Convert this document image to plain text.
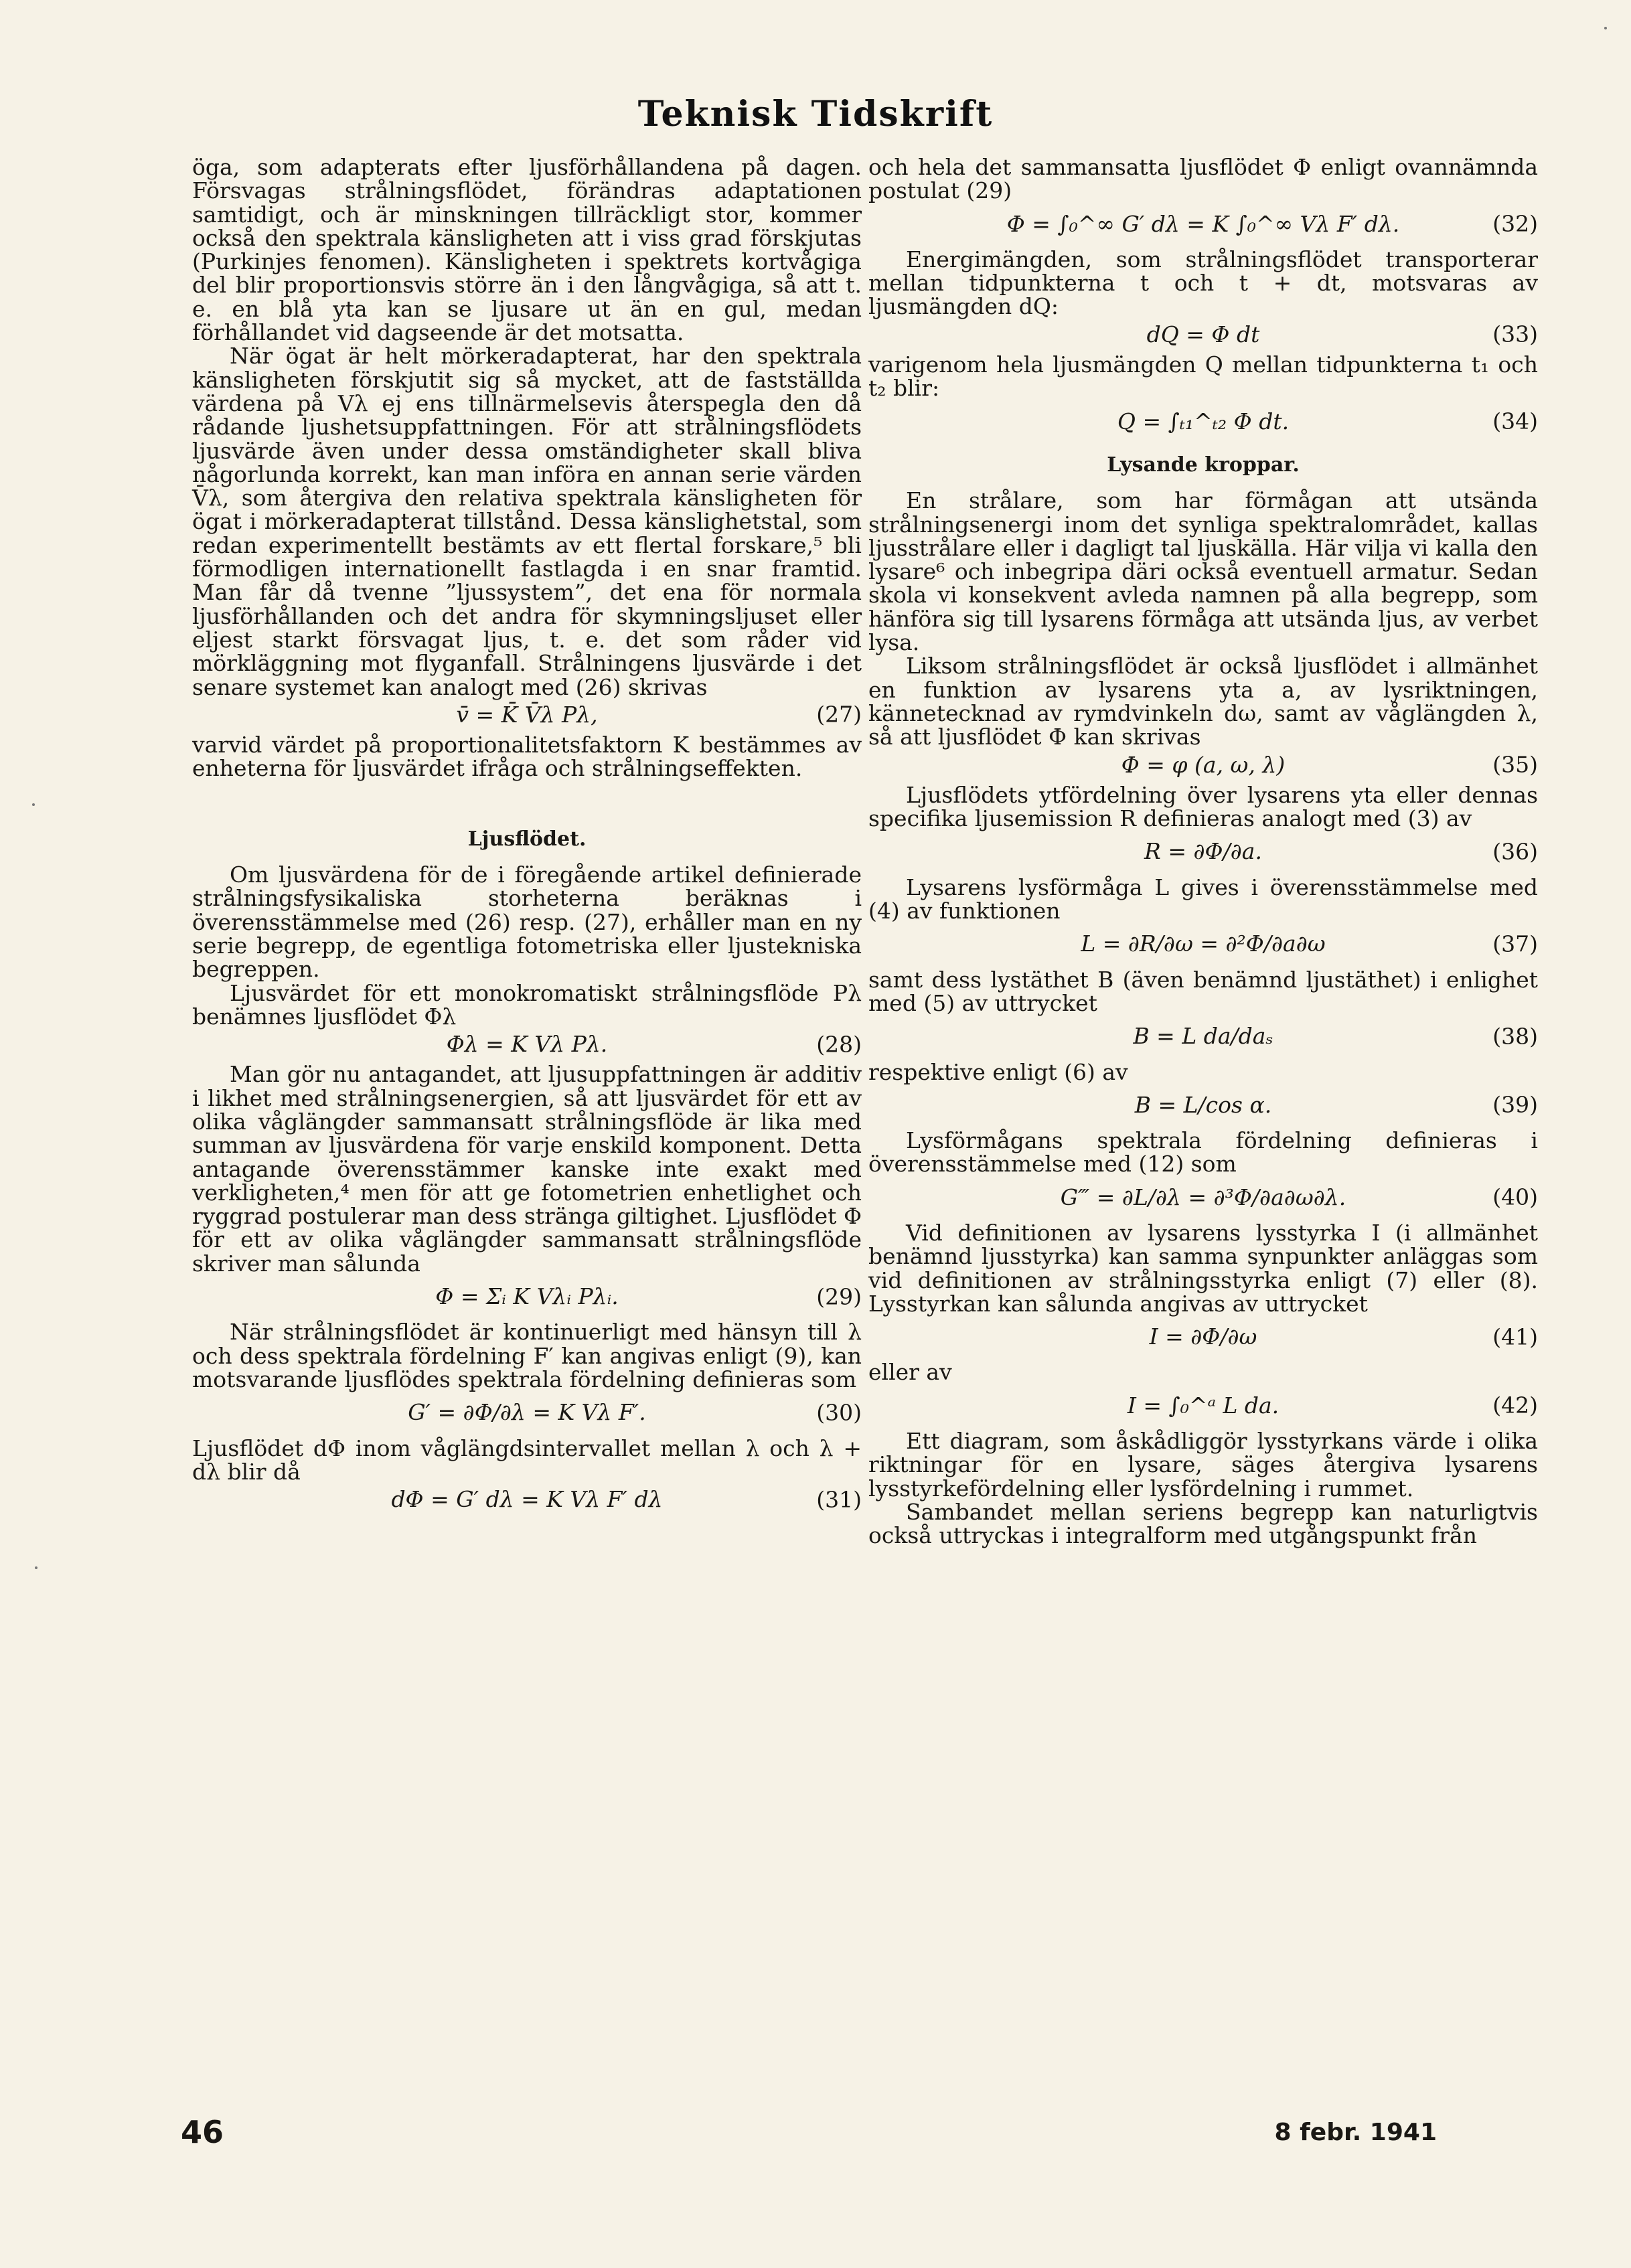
Teknisk Tidskrift

öga, som adapterats efter ljusförhållandena på dagen. Försvagas strålningsflödet, förändras adaptationen samtidigt, och är minskningen tillräckligt stor, kommer också den spektrala känsligheten att i viss grad förskjutas (Purkinjes fenomen). Känsligheten i spektrets kortvågiga del blir proportionsvis större än i den långvågiga, så att t. e. en blå yta kan se ljusare ut än en gul, medan förhållandet vid dagseende är det motsatta.

När ögat är helt mörkeradapterat, har den spektrala känsligheten förskjutit sig så mycket, att de fastställda värdena på Vλ ej ens tillnärmelsevis återspegla den då rådande ljushetsuppfattningen. För att strålningsflödets ljusvärde även under dessa omständigheter skall bliva någorlunda korrekt, kan man införa en annan serie värden V̄λ, som återgiva den relativa spektrala känsligheten för ögat i mörkeradapterat tillstånd. Dessa känslighetstal, som redan experimentellt bestämts av ett flertal forskare,⁵ bli förmodligen internationellt fastlagda i en snar framtid. Man får då tvenne ”ljussystem”, det ena för normala ljusförhållanden och det andra för skymningsljuset eller eljest starkt försvagat ljus, t. e. det som råder vid mörkläggning mot flyganfall. Strålningens ljusvärde i det senare systemet kan analogt med (26) skrivas

v̄ = K̄ V̄λ Pλ,	(27)

varvid värdet på proportionalitetsfaktorn K bestämmes av enheterna för ljusvärdet ifråga och strålningseffekten.

Ljusflödet.

Om ljusvärdena för de i föregående artikel definierade strålningsfysikaliska storheterna beräknas i överensstämmelse med (26) resp. (27), erhåller man en ny serie begrepp, de egentliga fotometriska eller ljustekniska begreppen.

Ljusvärdet för ett monokromatiskt strålningsflöde Pλ benämnes ljusflödet Φλ

Φλ = K Vλ Pλ.	(28)

Man gör nu antagandet, att ljusuppfattningen är additiv i likhet med strålningsenergien, så att ljusvärdet för ett av olika våglängder sammansatt strålningsflöde är lika med summan av ljusvärdena för varje enskild komponent. Detta antagande överensstämmer kanske inte exakt med verkligheten,⁴ men för att ge fotometrien enhetlighet och ryggrad postulerar man dess stränga giltighet. Ljusflödet Φ för ett av olika våglängder sammansatt strålningsflöde skriver man sålunda

Φ = Σᵢ K Vλᵢ Pλᵢ.	(29)

När strålningsflödet är kontinuerligt med hänsyn till λ och dess spektrala fördelning F′ kan angivas enligt (9), kan motsvarande ljusflödes spektrala fördelning definieras som

G′ = ∂Φ/∂λ = K Vλ F′.	(30)

Ljusflödet dΦ inom våglängdsintervallet mellan λ och λ + dλ blir då

dΦ = G′ dλ = K Vλ F′ dλ	(31)

och hela det sammansatta ljusflödet Φ enligt ovannämnda postulat (29)

Φ = ∫₀^∞ G′ dλ = K ∫₀^∞ Vλ F′ dλ.	(32)

Energimängden, som strålningsflödet transporterar mellan tidpunkterna t och t + dt, motsvaras av ljusmängden dQ:

dQ = Φ dt	(33)

varigenom hela ljusmängden Q mellan tidpunkterna t₁ och t₂ blir:

Q = ∫ₜ₁^ₜ₂ Φ dt.	(34)
Lysande kroppar.

En strålare, som har förmågan att utsända strålningsenergi inom det synliga spektralområdet, kallas ljusstrålare eller i dagligt tal ljuskälla. Här vilja vi kalla den lysare⁶ och inbegripa däri också eventuell armatur. Sedan skola vi konsekvent avleda namnen på alla begrepp, som hänföra sig till lysarens förmåga att utsända ljus, av verbet lysa.

Liksom strålningsflödet är också ljusflödet i allmänhet en funktion av lysarens yta a, av lysriktningen, kännetecknad av rymdvinkeln dω, samt av våglängden λ, så att ljusflödet Φ kan skrivas

Φ = φ (a, ω, λ)	(35)

Ljusflödets ytfördelning över lysarens yta eller dennas specifika ljusemission R definieras analogt med (3) av

R = ∂Φ/∂a.	(36)

Lysarens lysförmåga L gives i överensstämmelse med (4) av funktionen

L = ∂R/∂ω = ∂²Φ/∂a∂ω	(37)

samt dess lystäthet B (även benämnd ljustäthet) i enlighet med (5) av uttrycket

B = L da/daₛ	(38)

respektive enligt (6) av

B = L/cos α.	(39)

Lysförmågans spektrala fördelning definieras i överensstämmelse med (12) som

G‴ = ∂L/∂λ = ∂³Φ/∂a∂ω∂λ.	(40)

Vid definitionen av lysarens lysstyrka I (i allmänhet benämnd ljusstyrka) kan samma synpunkter anläggas som vid definitionen av strålningsstyrka enligt (7) eller (8). Lysstyrkan kan sålunda angivas av uttrycket

I = ∂Φ/∂ω	(41)

eller av

I = ∫₀^ᵃ L da.	(42)

Ett diagram, som åskådliggör lysstyrkans värde i olika riktningar för en lysare, säges återgiva lysarens lysstyrkefördelning eller lysfördelning i rummet.

Sambandet mellan seriens begrepp kan naturligtvis också uttryckas i integralform med utgångspunkt från

46	8 febr. 1941
